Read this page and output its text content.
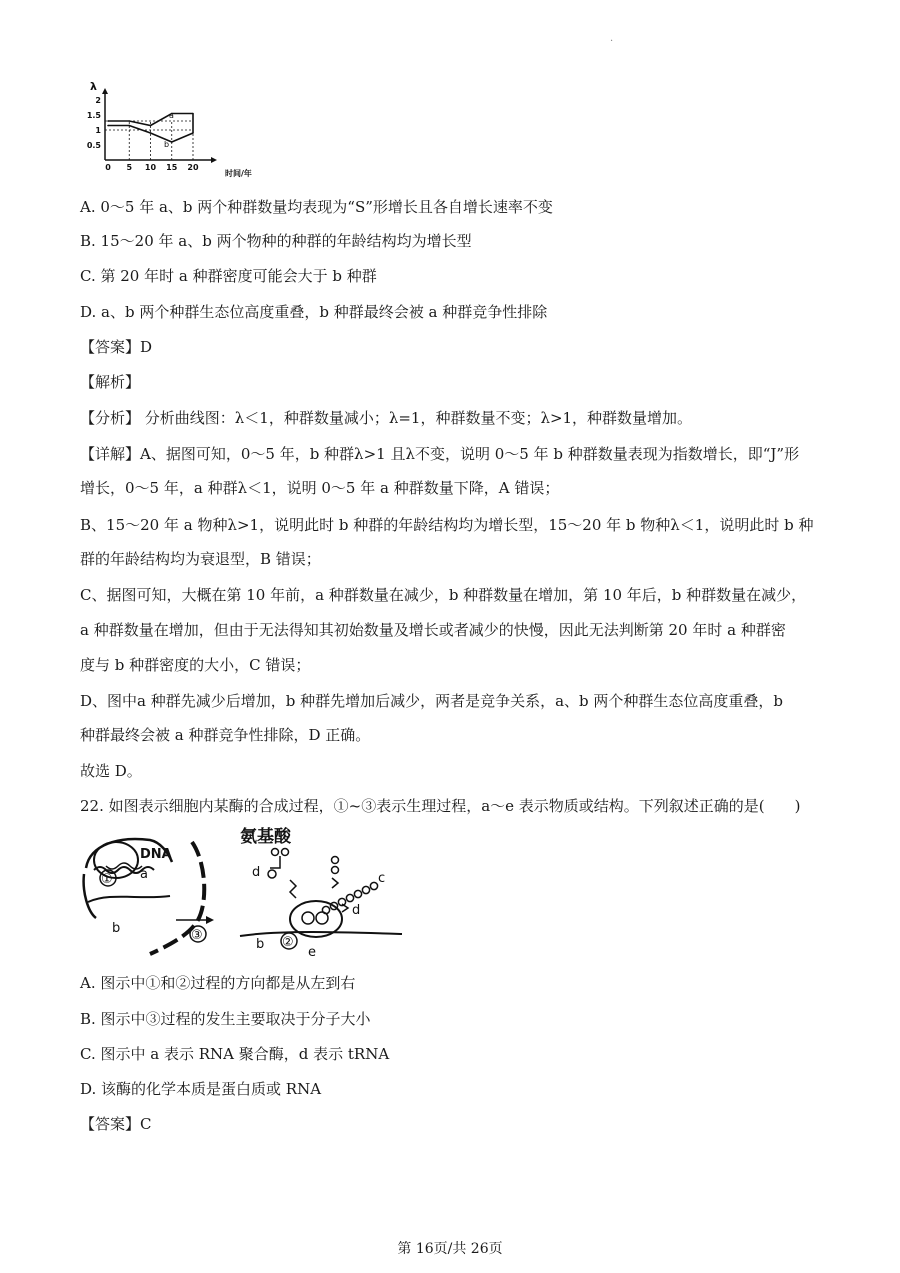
·
2
1.5
1
0.5
0 5 10 15 20
λ
时间/年
a
b
A. 0～5 年 a、b 两个种群数量均表现为“S”形增长且各自增长速率不变
B. 15～20 年 a、b 两个物种的种群的年龄结构均为增长型
C. 第 20 年时 a 种群密度可能会大于 b 种群
D. a、b 两个种群生态位高度重叠，b 种群最终会被 a 种群竞争性排除
【答案】D
【解析】
【分析】 分析曲线图：λ＜1，种群数量减小；λ=1，种群数量不变；λ>1，种群数量增加。
【详解】A、据图可知，0～5 年，b 种群λ>1 且λ不变，说明 0～5 年 b 种群数量表现为指数增长，即“J”形
增长，0～5 年，a 种群λ＜1，说明 0～5 年 a 种群数量下降，A 错误；
B、15～20 年 a 物种λ>1，说明此时 b 种群的年龄结构均为增长型，15～20 年 b 物种λ＜1，说明此时 b 种
群的年龄结构均为衰退型，B 错误；
C、据图可知，大概在第 10 年前，a 种群数量在减少，b 种群数量在增加，第 10 年后，b 种群数量在减少，
a 种群数量在增加，但由于无法得知其初始数量及增长或者减少的快慢，因此无法判断第 20 年时 a 种群密
度与 b 种群密度的大小，C 错误；
D、图中a 种群先减少后增加，b 种群先增加后减少，两者是竞争关系，a、b 两个种群生态位高度重叠，b
种群最终会被 a 种群竞争性排除，D 正确。
故选 D。
22. 如图表示细胞内某酶的合成过程，①~③表示生理过程，a～e 表示物质或结构。下列叙述正确的是(　　)
DNA
① a
b	③
氨基酸
d	c
d
b ②
e
A. 图示中①和②过程的方向都是从左到右
B. 图示中③过程的发生主要取决于分子大小
C. 图示中 a 表示 RNA 聚合酶，d 表示 tRNA
D. 该酶的化学本质是蛋白质或 RNA
【答案】C
第 16页/共 26页
